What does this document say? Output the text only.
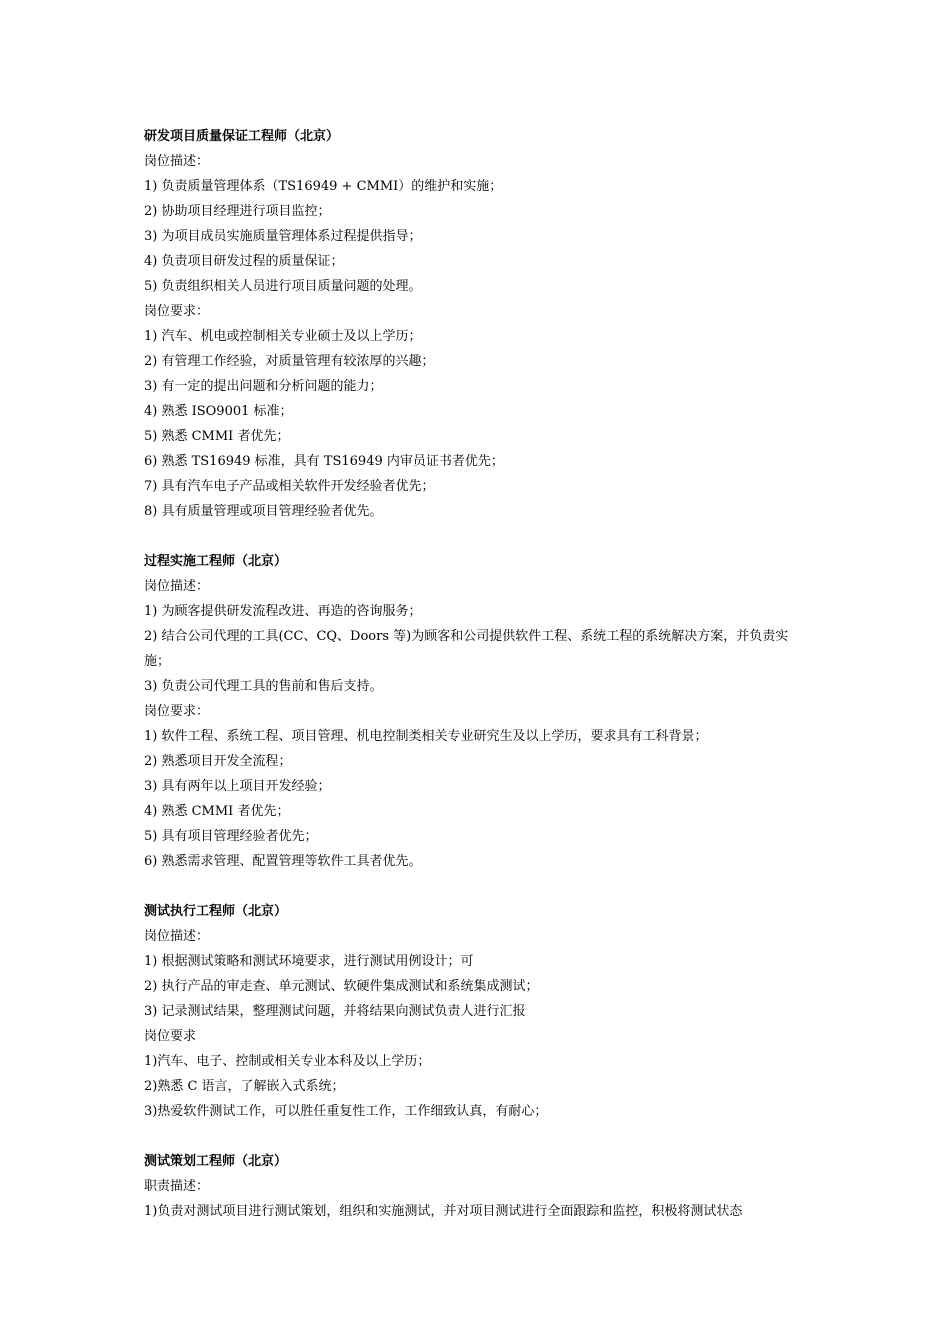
研发项目质量保证工程师（北京）
岗位描述：
1) 负责质量管理体系（TS16949 + CMMI）的维护和实施；
2) 协助项目经理进行项目监控；
3) 为项目成员实施质量管理体系过程提供指导；
4) 负责项目研发过程的质量保证；
5) 负责组织相关人员进行项目质量问题的处理。
岗位要求：
1) 汽车、机电或控制相关专业硕士及以上学历；
2) 有管理工作经验，对质量管理有较浓厚的兴趣；
3) 有一定的提出问题和分析问题的能力；
4) 熟悉 ISO9001 标准；
5) 熟悉 CMMI 者优先；
6) 熟悉 TS16949 标准，具有 TS16949 内审员证书者优先；
7) 具有汽车电子产品或相关软件开发经验者优先；
8) 具有质量管理或项目管理经验者优先。
过程实施工程师（北京）
岗位描述：
1) 为顾客提供研发流程改进、再造的咨询服务；
2) 结合公司代理的工具(CC、CQ、Doors 等)为顾客和公司提供软件工程、系统工程的系统解决方案，并负责实施；
3) 负责公司代理工具的售前和售后支持。
岗位要求：
1) 软件工程、系统工程、项目管理、机电控制类相关专业研究生及以上学历，要求具有工科背景；
2) 熟悉项目开发全流程；
3) 具有两年以上项目开发经验；
4) 熟悉 CMMI 者优先；
5) 具有项目管理经验者优先；
6) 熟悉需求管理、配置管理等软件工具者优先。
测试执行工程师（北京）
岗位描述：
1) 根据测试策略和测试环境要求，进行测试用例设计；可
2) 执行产品的审走查、单元测试、软硬件集成测试和系统集成测试；
3) 记录测试结果，整理测试问题，并将结果向测试负责人进行汇报
岗位要求
1)汽车、电子、控制或相关专业本科及以上学历；
2)熟悉 C 语言，了解嵌入式系统；
3)热爱软件测试工作，可以胜任重复性工作，工作细致认真，有耐心；
测试策划工程师（北京）
职责描述：
1)负责对测试项目进行测试策划，组织和实施测试，并对项目测试进行全面跟踪和监控，积极将测试状态
